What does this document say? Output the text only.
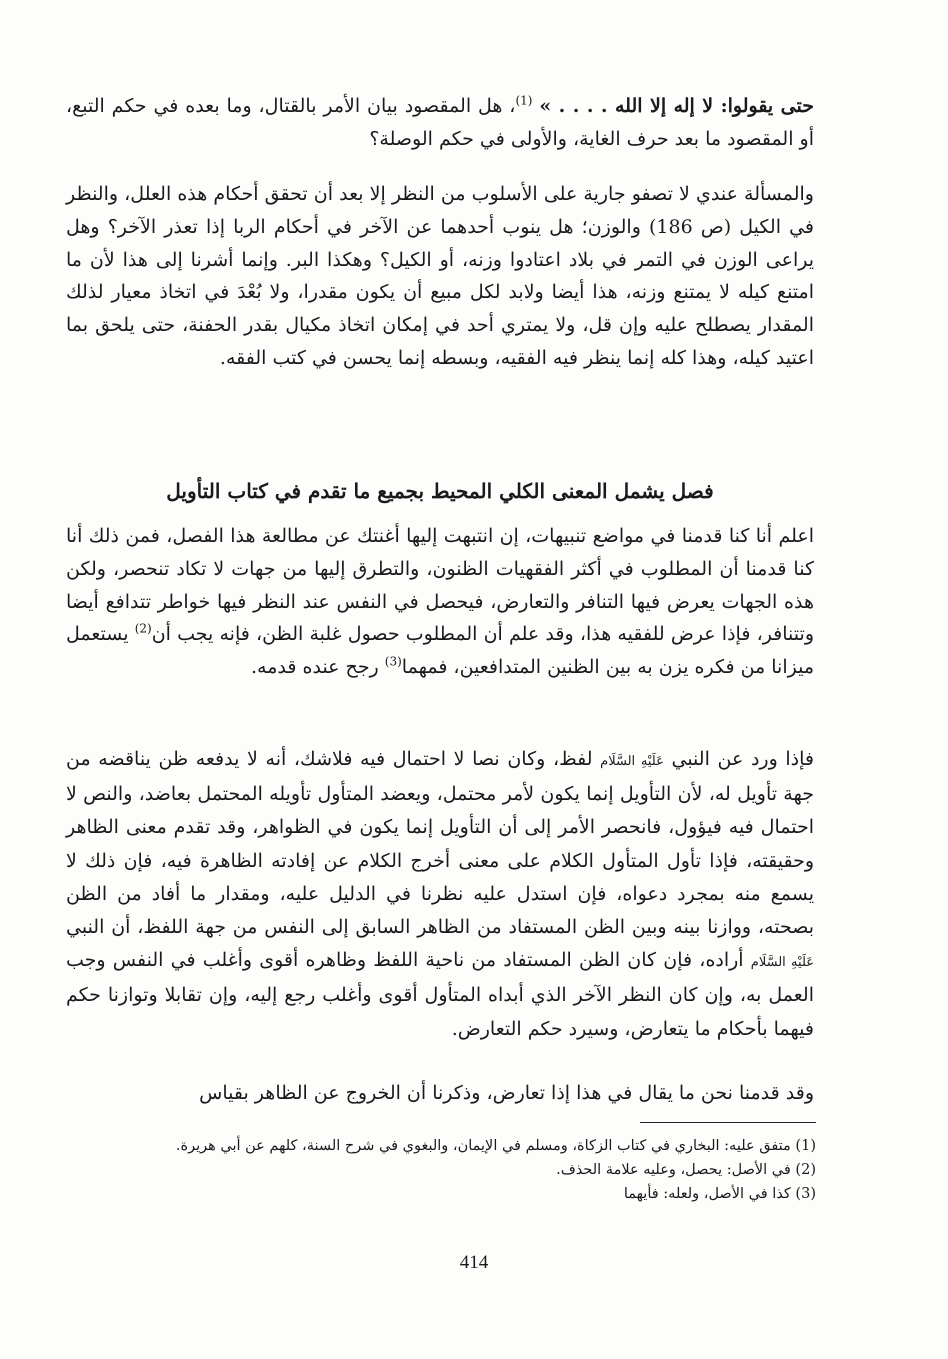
حتى يقولوا: لا إله إلا الله . . . . » $^{(1)}$، هل المقصود بيان الأمر بالقتال، وما بعده في حكم التبع، أو المقصود ما بعد حرف الغاية، والأولى في حكم الوصلة؟

والمسألة عندي لا تصفو جارية على الأسلوب من النظر إلا بعد أن تحقق أحكام هذه العلل، والنظر في الكيل (ص 186) والوزن؛ هل ينوب أحدهما عن الآخر في أحكام الربا إذا تعذر الآخر؟ وهل يراعى الوزن في التمر في بلاد اعتادوا وزنه، أو الكيل؟ وهكذا البر. وإنما أشرنا إلى هذا لأن ما امتنع كيله لا يمتنع وزنه، هذا أيضا ولابد لكل مبيع أن يكون مقدرا، ولا بُعْدَ في اتخاذ معيار لذلك المقدار يصطلح عليه وإن قل، ولا يمتري أحد في إمكان اتخاذ مكيال بقدر الحفنة، حتى يلحق بما اعتيد كيله، وهذا كله إنما ينظر فيه الفقيه، وبسطه إنما يحسن في كتب الفقه.

فصل يشمل المعنى الكلي المحيط بجميع ما تقدم في كتاب التأويل

اعلم أنا كنا قدمنا في مواضع تنبيهات، إن انتبهت إليها أغنتك عن مطالعة هذا الفصل، فمن ذلك أنا كنا قدمنا أن المطلوب في أكثر الفقهيات الظنون، والتطرق إليها من جهات لا تكاد تنحصر، ولكن هذه الجهات يعرض فيها التنافر والتعارض، فيحصل في النفس عند النظر فيها خواطر تتدافع أيضا وتتنافر، فإذا عرض للفقيه هذا، وقد علم أن المطلوب حصول غلبة الظن، فإنه يجب أن$^{(2)}$ يستعمل ميزانا من فكره يزن به بين الظنين المتدافعين، فمهما$^{(3)}$ رجح عنده قدمه.

فإذا ورد عن النبي عَلَيْهِ السَّلَام لفظ، وكان نصا لا احتمال فيه فلاشك، أنه لا يدفعه ظن يناقضه من جهة تأويل له، لأن التأويل إنما يكون لأمر محتمل، ويعضد المتأول تأويله المحتمل بعاضد، والنص لا احتمال فيه فيؤول، فانحصر الأمر إلى أن التأويل إنما يكون في الظواهر، وقد تقدم معنى الظاهر وحقيقته، فإذا تأول المتأول الكلام على معنى أخرج الكلام عن إفادته الظاهرة فيه، فإن ذلك لا يسمع منه بمجرد دعواه، فإن استدل عليه نظرنا في الدليل عليه، ومقدار ما أفاد من الظن بصحته، ووازنا بينه وبين الظن المستفاد من الظاهر السابق إلى النفس من جهة اللفظ، أن النبي عَلَيْهِ السَّلَام أراده، فإن كان الظن المستفاد من ناحية اللفظ وظاهره أقوى وأغلب في النفس وجب العمل به، وإن كان النظر الآخر الذي أبداه المتأول أقوى وأغلب رجع إليه، وإن تقابلا وتوازنا حكم فيهما بأحكام ما يتعارض، وسيرد حكم التعارض.

وقد قدمنا نحن ما يقال في هذا إذا تعارض، وذكرنا أن الخروج عن الظاهر بقياس

(1) متفق عليه: البخاري في كتاب الزكاة، ومسلم في الإيمان، والبغوي في شرح السنة، كلهم عن أبي هريرة.

(2) في الأصل: يحصل، وعليه علامة الحذف.

(3) كذا في الأصل، ولعله: فأيهما

414
